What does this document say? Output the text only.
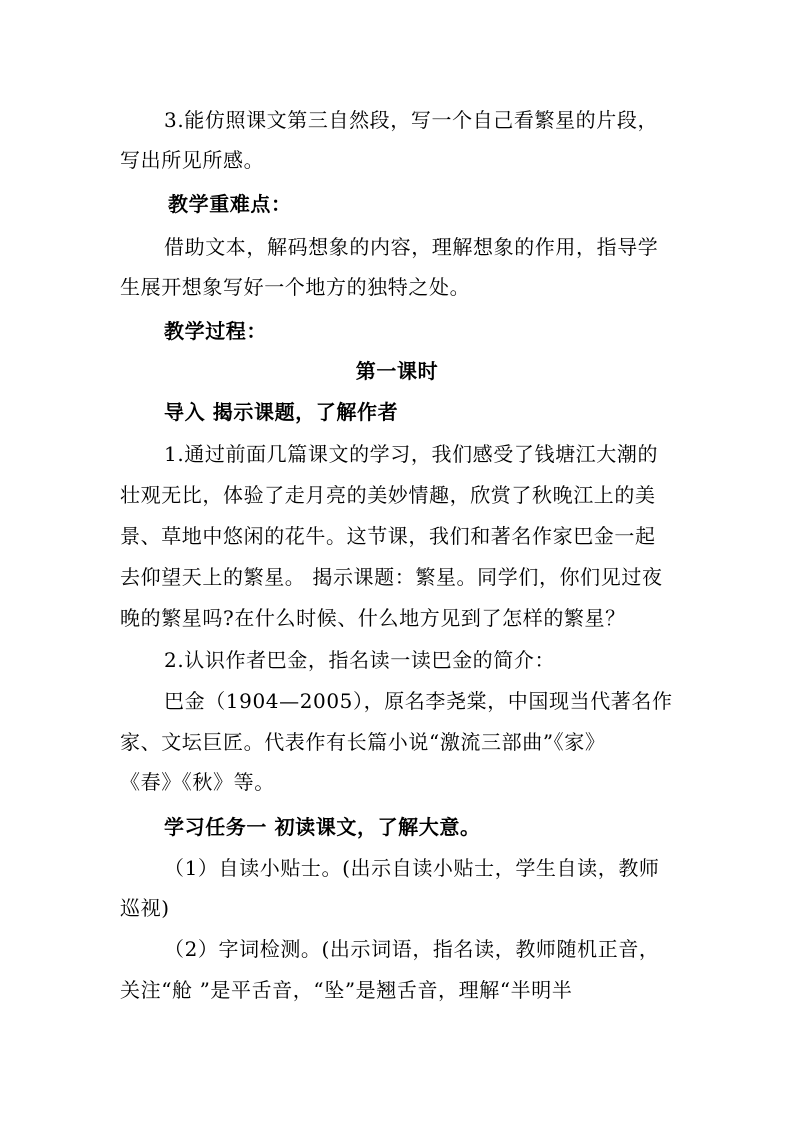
3.能仿照课文第三自然段，写一个自己看繁星的片段，
写出所见所感。
教学重难点：
借助文本，解码想象的内容，理解想象的作用，指导学
生展开想象写好一个地方的独特之处。
教学过程：
第一课时
导入 揭示课题，了解作者
1.通过前面几篇课文的学习，我们感受了钱塘江大潮的
壮观无比，体验了走月亮的美妙情趣，欣赏了秋晚江上的美
景、草地中悠闲的花牛。这节课，我们和著名作家巴金一起
去仰望天上的繁星。 揭示课题：繁星。同学们，你们见过夜
晚的繁星吗?在什么时候、什么地方见到了怎样的繁星？
2.认识作者巴金，指名读一读巴金的简介：
巴金（1904—2005），原名李尧棠，中国现当代著名作
家、文坛巨匠。代表作有长篇小说“激流三部曲”《家》
《春》《秋》等。
学习任务一 初读课文，了解大意。
（1）自读小贴士。(出示自读小贴士，学生自读，教师
巡视)
（2）字词检测。(出示词语，指名读，教师随机正音，
关注“舱 ”是平舌音，“坠”是翘舌音，理解“半明半
